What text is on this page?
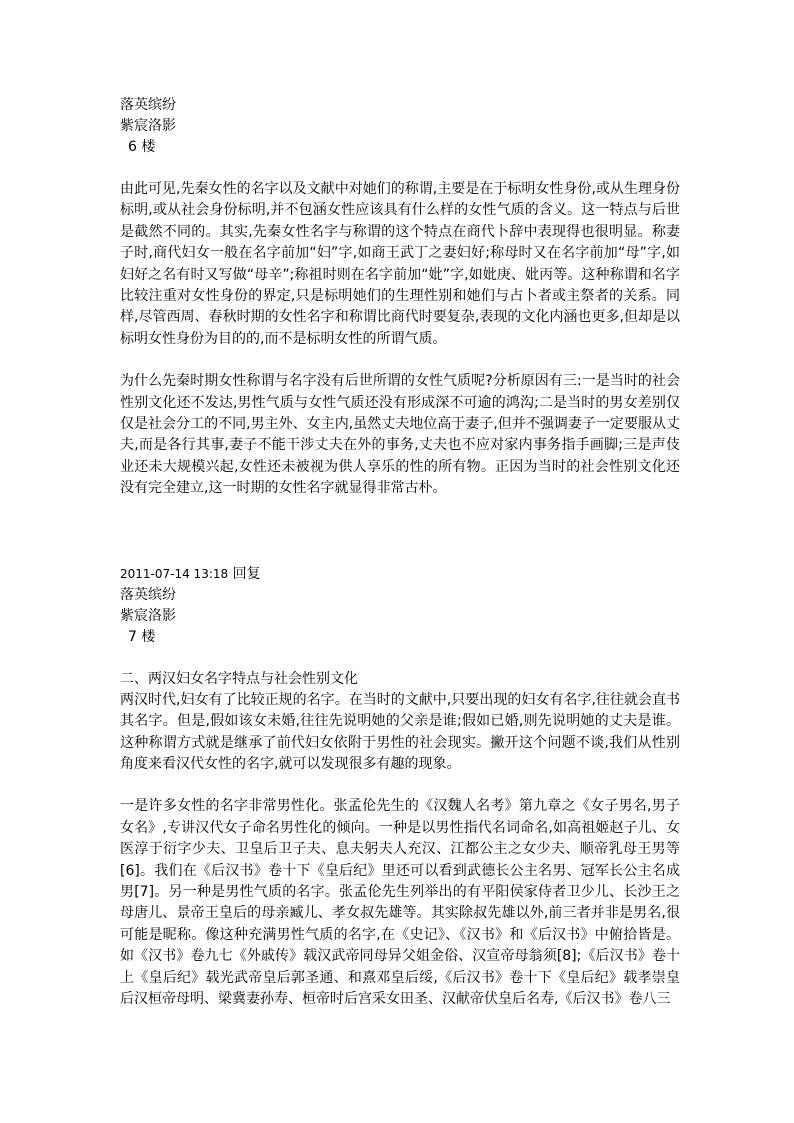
落英缤纷

紫宸洛影

6 楼

由此可见,先秦女性的名字以及文献中对她们的称谓,主要是在于标明女性身份,或从生理身份标明,或从社会身份标明,并不包涵女性应该具有什么样的女性气质的含义。这一特点与后世是截然不同的。其实,先秦女性名字与称谓的这个特点在商代卜辞中表现得也很明显。称妻子时,商代妇女一般在名字前加“妇”字,如商王武丁之妻妇好;称母时又在名字前加“母”字,如妇好之名有时又写做“母辛”;称祖时则在名字前加“妣”字,如妣庚、妣丙等。这种称谓和名字比较注重对女性身份的界定,只是标明她们的生理性别和她们与占卜者或主祭者的关系。同样,尽管西周、春秋时期的女性名字和称谓比商代时要复杂,表现的文化内涵也更多,但却是以标明女性身份为目的的,而不是标明女性的所谓气质。

为什么先秦时期女性称谓与名字没有后世所谓的女性气质呢?分析原因有三:一是当时的社会性别文化还不发达,男性气质与女性气质还没有形成深不可逾的鸿沟;二是当时的男女差别仅仅是社会分工的不同,男主外、女主内,虽然丈夫地位高于妻子,但并不强调妻子一定要服从丈夫,而是各行其事,妻子不能干涉丈夫在外的事务,丈夫也不应对家内事务指手画脚;三是声伎业还未大规模兴起,女性还未被视为供人享乐的性的所有物。正因为当时的社会性别文化还没有完全建立,这一时期的女性名字就显得非常古朴。

2011-07-14 13:18 回复

落英缤纷

紫宸洛影

7 楼

二、两汉妇女名字特点与社会性别文化

两汉时代,妇女有了比较正规的名字。在当时的文献中,只要出现的妇女有名字,往往就会直书其名字。但是,假如该女未婚,往往先说明她的父亲是谁;假如已婚,则先说明她的丈夫是谁。这种称谓方式就是继承了前代妇女依附于男性的社会现实。撇开这个问题不谈,我们从性别角度来看汉代女性的名字,就可以发现很多有趣的现象。

一是许多女性的名字非常男性化。张孟伦先生的《汉魏人名考》第九章之《女子男名,男子女名》,专讲汉代女子命名男性化的倾向。一种是以男性指代名词命名,如高祖姬赵子儿、女医淳于衍字少夫、卫皇后卫子夫、息夫躬夫人充汉、江都公主之女少夫、顺帝乳母王男等[6]。我们在《后汉书》卷十下《皇后纪》里还可以看到武德长公主名男、冠军长公主名成男[7]。另一种是男性气质的名字。张孟伦先生列举出的有平阳侯家侍者卫少儿、长沙王之母唐儿、景帝王皇后的母亲臧儿、孝女叔先雄等。其实除叔先雄以外,前三者并非是男名,很可能是昵称。像这种充满男性气质的名字,在《史记》、《汉书》和《后汉书》中俯拾皆是。如《汉书》卷九七《外戚传》载汉武帝同母异父姐金俗、汉宣帝母翁须[8];《后汉书》卷十上《皇后纪》载光武帝皇后郭圣通、和熹邓皇后绥,《后汉书》卷十下《皇后纪》载孝崇皇后汉桓帝母明、梁冀妻孙寿、桓帝时后宫采女田圣、汉献帝伏皇后名寿,《后汉书》卷八三
